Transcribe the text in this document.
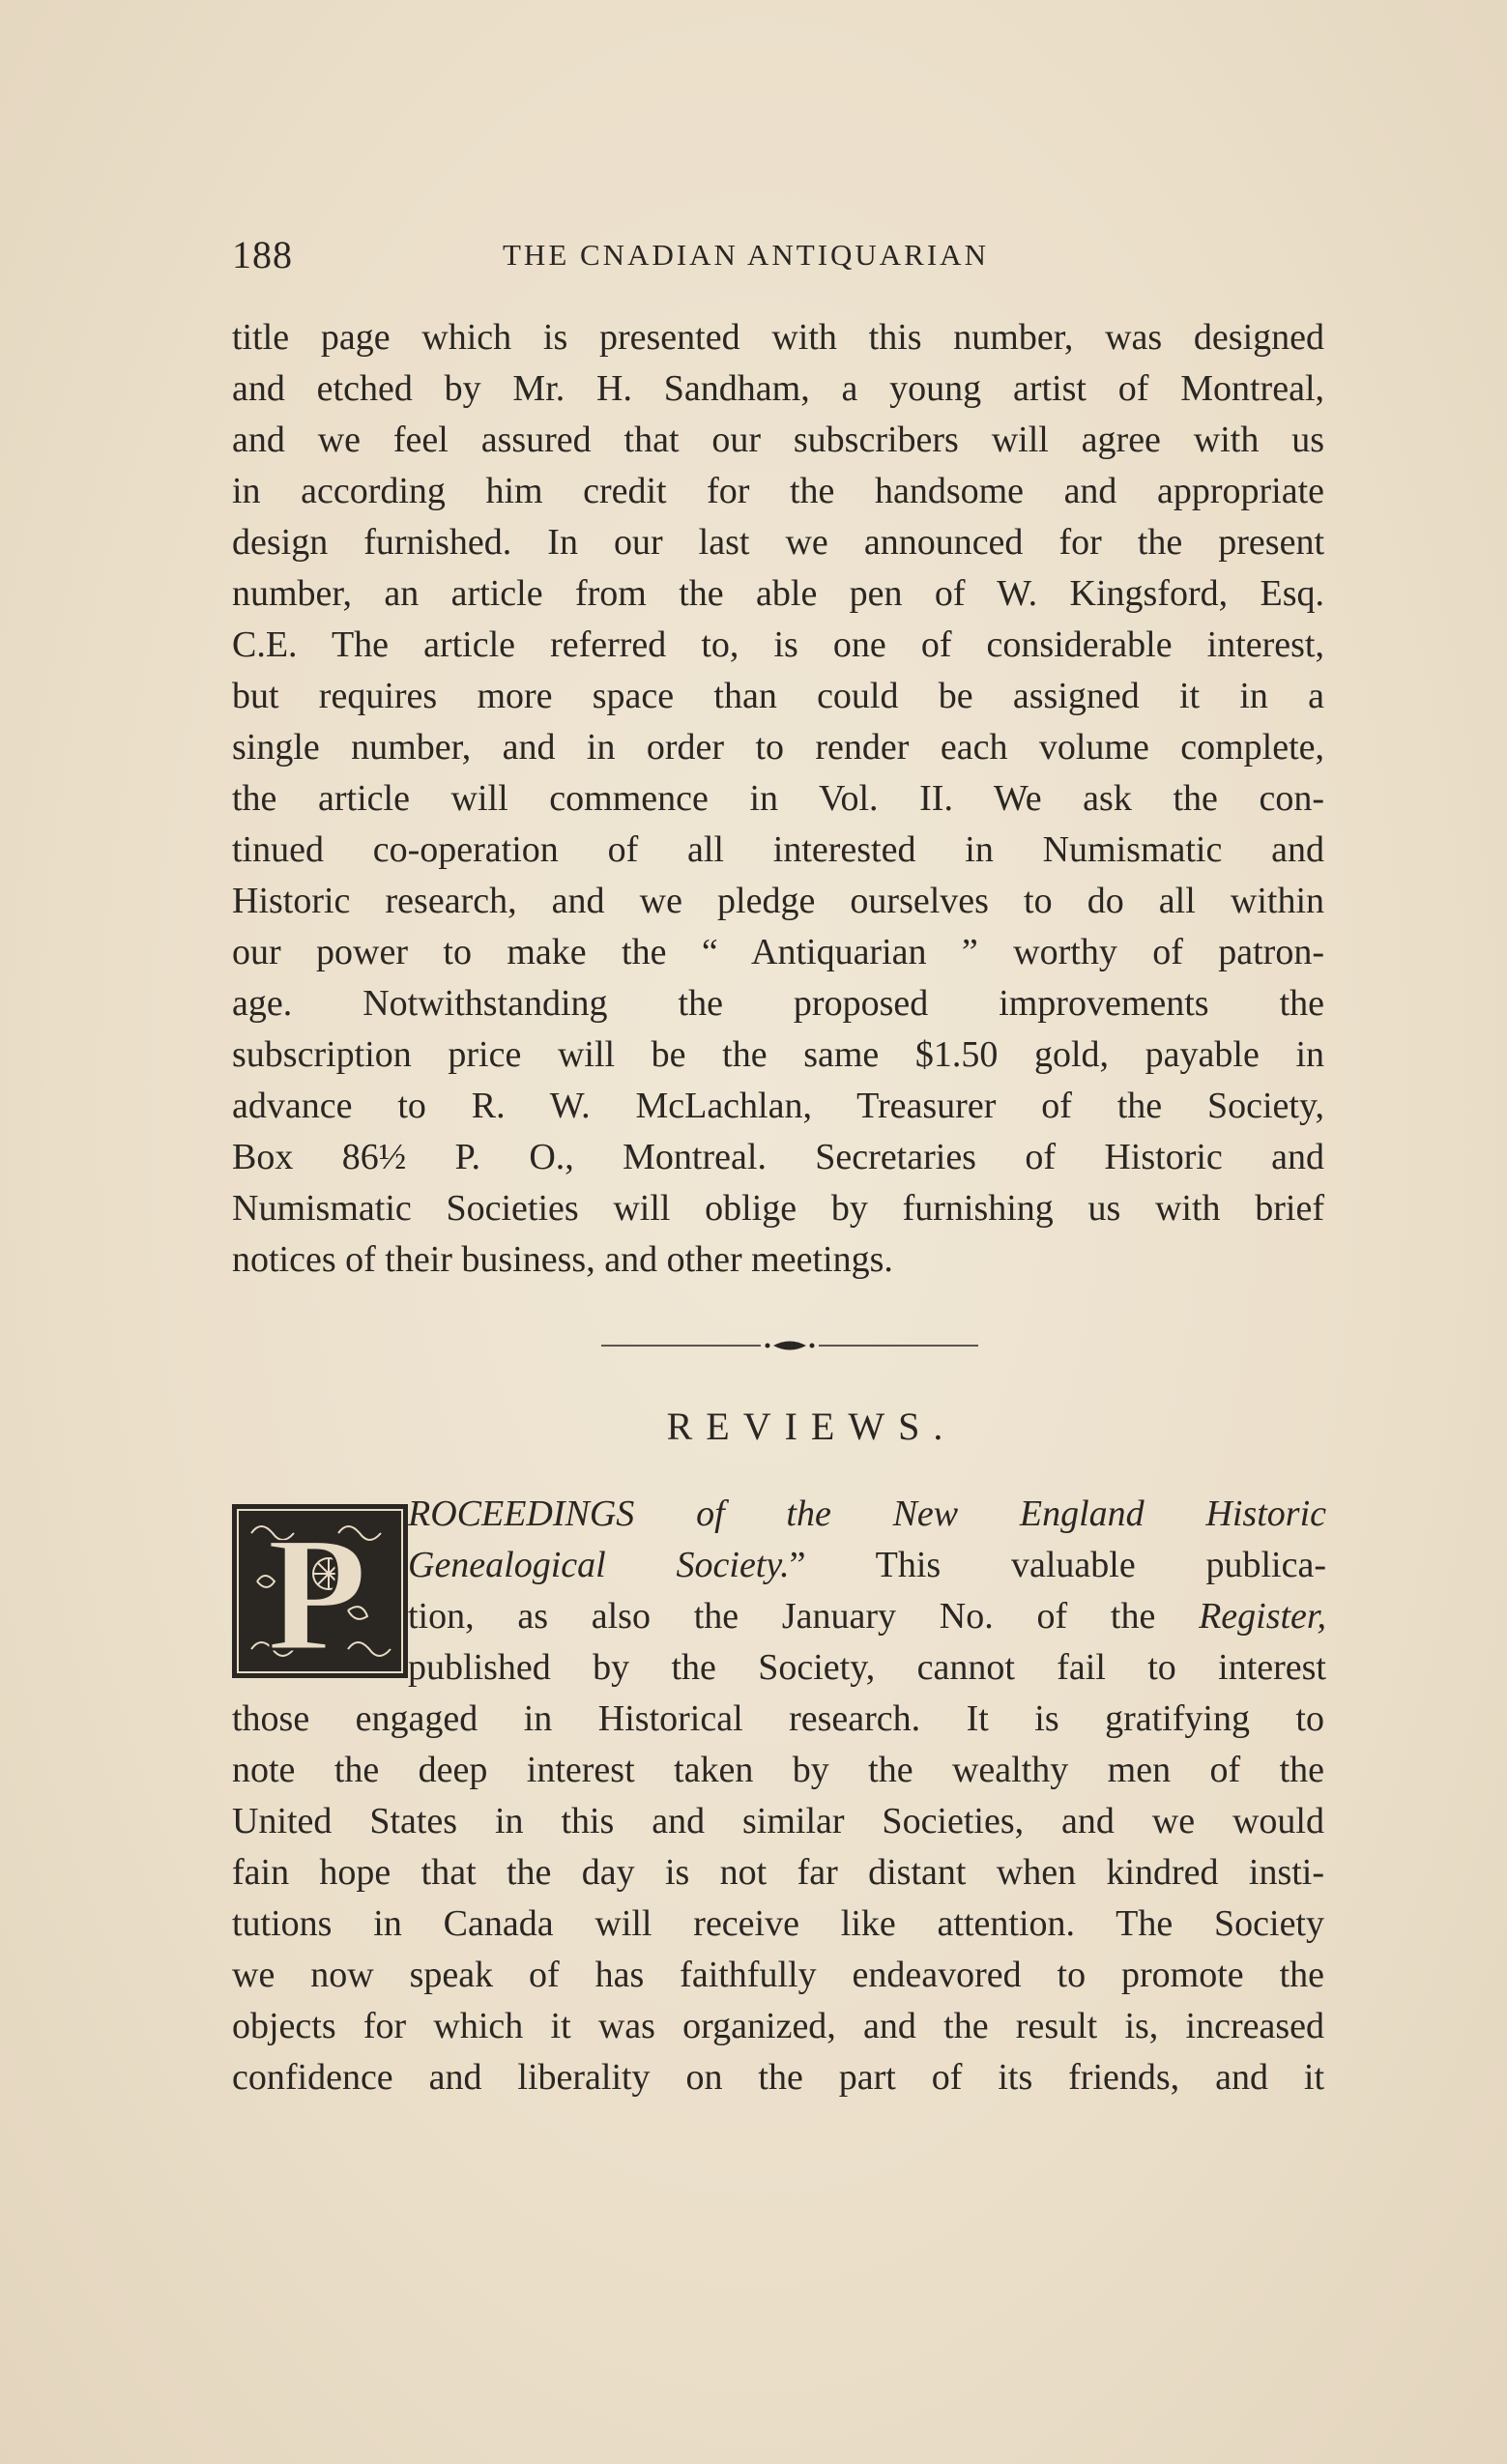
188	THE CNADIAN ANTIQUARIAN
title page which is presented with this number, was designed
and etched by Mr. H. Sandham, a young artist of Montreal,
and we feel assured that our subscribers will agree with us
in according him credit for the handsome and appropriate
design furnished. In our last we announced for the present
number, an article from the able pen of W. Kingsford, Esq.
C.E. The article referred to, is one of considerable interest,
but requires more space than could be assigned it in a
single number, and in order to render each volume complete,
the article will commence in Vol. II. We ask the con-
tinued co-operation of all interested in Numismatic and
Historic research, and we pledge ourselves to do all within
our power to make the “ Antiquarian ” worthy of patron-
age. Notwithstanding the proposed improvements the
subscription price will be the same $1.50 gold, payable in
advance to R. W. McLachlan, Treasurer of the Society,
Box 86½ P. O., Montreal. Secretaries of Historic and
Numismatic Societies will oblige by furnishing us with brief
notices of their business, and other meetings.
REVIEWS.
P ROCEEDINGS of the New England Historic
Genealogical Society.” This valuable publica-
tion, as also the January No. of the Register,
published by the Society, cannot fail to interest
those engaged in Historical research. It is gratifying to
note the deep interest taken by the wealthy men of the
United States in this and similar Societies, and we would
fain hope that the day is not far distant when kindred insti-
tutions in Canada will receive like attention. The Society
we now speak of has faithfully endeavored to promote the
objects for which it was organized, and the result is, increased
confidence and liberality on the part of its friends, and it
